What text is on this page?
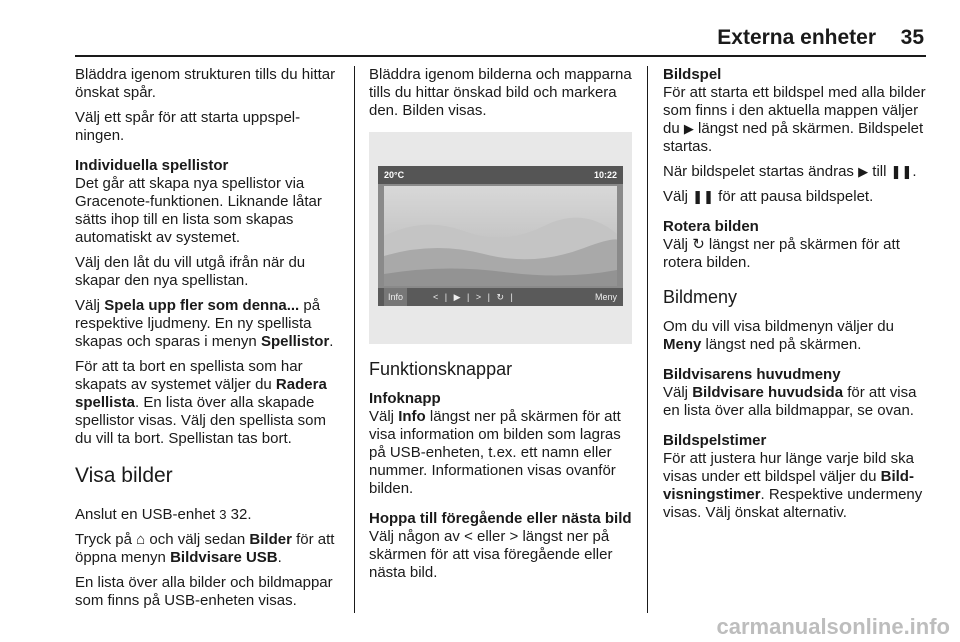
Externa enheter 35

Bläddra igenom strukturen tills du hittar önskat spår.

Välj ett spår för att starta uppspelningen.

Individuella spellistor

Det går att skapa nya spellistor via Gracenote-funktionen. Liknande låtar sätts ihop till en lista som skapas automatiskt av systemet.

Välj den låt du vill utgå ifrån när du skapar den nya spellistan.

Välj Spela upp fler som denna... på respektive ljudmeny. En ny spellista skapas och sparas i menyn Spellistor.

För att ta bort en spellista som har skapats av systemet väljer du Radera spellista. En lista över alla skapade spellistor visas. Välj den spellista som du vill ta bort. Spellistan tas bort.

Visa bilder

Anslut en USB-enhet 3 32.

Tryck på ⌂ och välj sedan Bilder för att öppna menyn Bildvisare USB.

En lista över alla bilder och bildmappar som finns på USB-enheten visas.

Bläddra igenom bilderna och mapparna tills du hittar önskad bild och markera den. Bilden visas.

20°C	10:22
Info	< | ▶ | > | ↻ |	Meny
Funktionsknappar
Infoknapp

Välj Info längst ner på skärmen för att visa information om bilden som lagras på USB-enheten, t.ex. ett namn eller nummer. Informationen visas ovanför bilden.

Hoppa till föregående eller nästa bild

Välj någon av < eller > längst ner på skärmen för att visa föregående eller nästa bild.

Bildspel

För att starta ett bildspel med alla bilder som finns i den aktuella mappen väljer du ▶ längst ned på skärmen. Bildspelet startas.

När bildspelet startas ändras ▶ till ❚❚.

Välj ❚❚ för att pausa bildspelet.

Rotera bilden

Välj ↻ längst ner på skärmen för att rotera bilden.

Bildmeny

Om du vill visa bildmenyn väljer du Meny längst ned på skärmen.

Bildvisarens huvudmeny

Välj Bildvisare huvudsida för att visa en lista över alla bildmappar, se ovan.

Bildspelstimer

För att justera hur länge varje bild ska visas under ett bildspel väljer du Bildvisningstimer. Respektive undermeny visas. Välj önskat alternativ.

carmanualsonline.info
